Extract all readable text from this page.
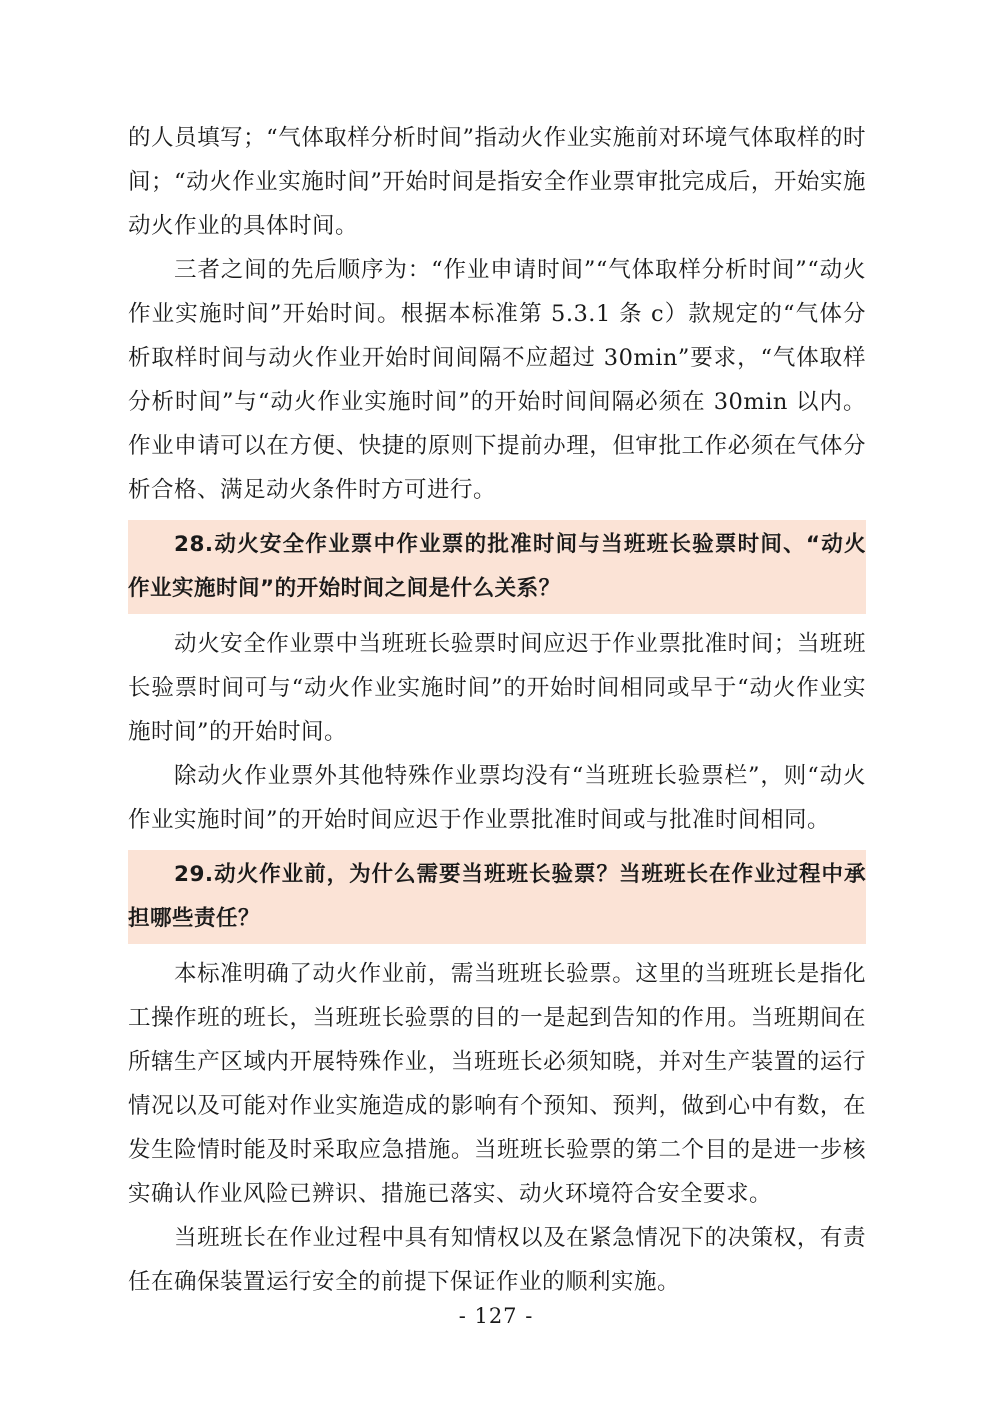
的人员填写；“气体取样分析时间”指动火作业实施前对环境气体取样的时间；“动火作业实施时间”开始时间是指安全作业票审批完成后，开始实施动火作业的具体时间。

三者之间的先后顺序为：“作业申请时间”“气体取样分析时间”“动火作业实施时间”开始时间。根据本标准第 5.3.1 条 c）款规定的“气体分析取样时间与动火作业开始时间间隔不应超过 30min”要求，“气体取样分析时间”与“动火作业实施时间”的开始时间间隔必须在 30min 以内。作业申请可以在方便、快捷的原则下提前办理，但审批工作必须在气体分析合格、满足动火条件时方可进行。

28.动火安全作业票中作业票的批准时间与当班班长验票时间、“动火作业实施时间”的开始时间之间是什么关系？

动火安全作业票中当班班长验票时间应迟于作业票批准时间；当班班长验票时间可与“动火作业实施时间”的开始时间相同或早于“动火作业实施时间”的开始时间。

除动火作业票外其他特殊作业票均没有“当班班长验票栏”，则“动火作业实施时间”的开始时间应迟于作业票批准时间或与批准时间相同。

29.动火作业前，为什么需要当班班长验票？当班班长在作业过程中承担哪些责任？

本标准明确了动火作业前，需当班班长验票。这里的当班班长是指化工操作班的班长，当班班长验票的目的一是起到告知的作用。当班期间在所辖生产区域内开展特殊作业，当班班长必须知晓，并对生产装置的运行情况以及可能对作业实施造成的影响有个预知、预判，做到心中有数，在发生险情时能及时采取应急措施。当班班长验票的第二个目的是进一步核实确认作业风险已辨识、措施已落实、动火环境符合安全要求。

当班班长在作业过程中具有知情权以及在紧急情况下的决策权，有责任在确保装置运行安全的前提下保证作业的顺利实施。

- 127 -
